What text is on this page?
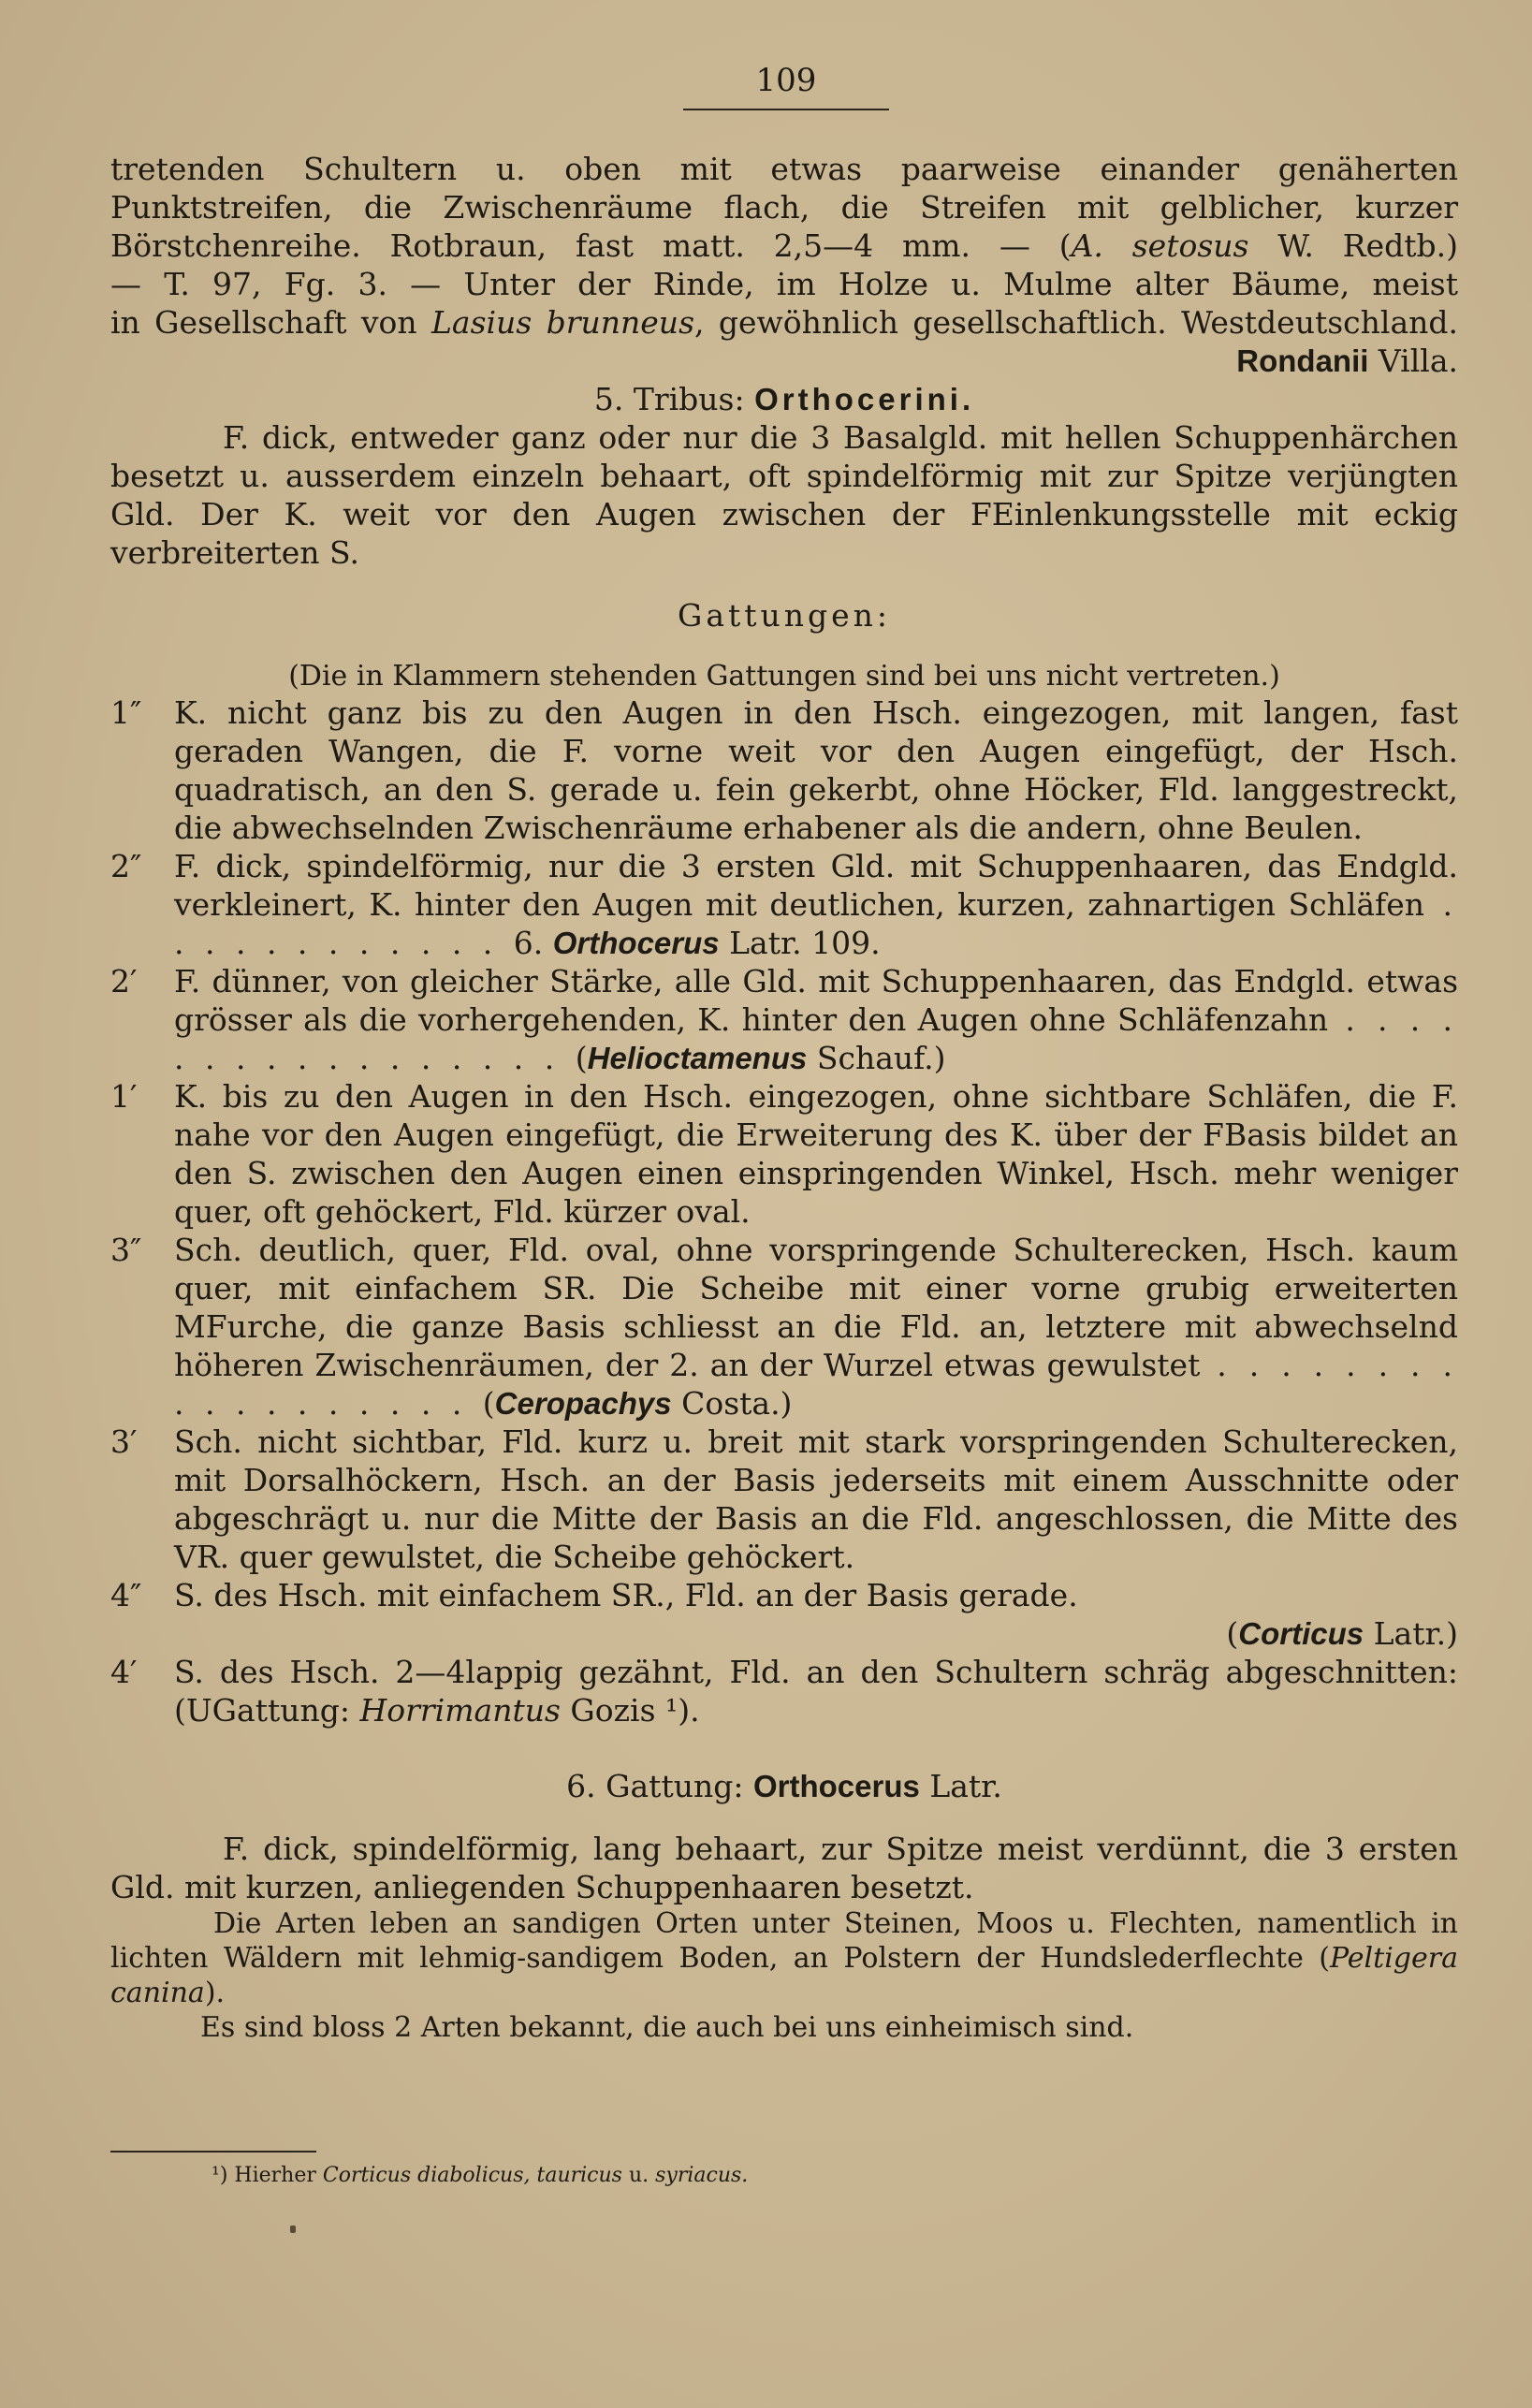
109

tretenden Schultern u. oben mit etwas paarweise einander genäherten

Punktstreifen, die Zwischenräume flach, die Streifen mit gelblicher, kurzer

Börstchenreihe. Rotbraun, fast matt. 2,5—4 mm. — (A. setosus W. Redtb.)

— T. 97, Fg. 3. — Unter der Rinde, im Holze u. Mulme alter Bäume, meist

in Gesellschaft von Lasius brunneus, gewöhnlich gesellschaftlich. Westdeutschland.

Rondanii Villa.

5. Tribus: Orthocerini.

F. dick, entweder ganz oder nur die 3 Basalgld. mit hellen Schuppenhärchen besetzt u. ausserdem einzeln behaart, oft spindelförmig mit zur Spitze verjüngten Gld. Der K. weit vor den Augen zwischen der FEinlenkungsstelle mit eckig verbreiterten S.

Gattungen:

(Die in Klammern stehenden Gattungen sind bei uns nicht vertreten.)

1″	K. nicht ganz bis zu den Augen in den Hsch. eingezogen, mit langen, fast geraden Wangen, die F. vorne weit vor den Augen eingefügt, der Hsch. quadratisch, an den S. gerade u. fein gekerbt, ohne Höcker, Fld. langgestreckt, die abwechselnden Zwischenräume erhabener als die andern, ohne Beulen.
2″	F. dick, spindelförmig, nur die 3 ersten Gld. mit Schuppenhaaren, das Endgld. verkleinert, K. hinter den Augen mit deutlichen, kurzen, zahnartigen Schläfen . . . . . . . . . . . . 6. Orthocerus Latr. 109.
2′	F. dünner, von gleicher Stärke, alle Gld. mit Schuppenhaaren, das Endgld. etwas grösser als die vorhergehenden, K. hinter den Augen ohne Schläfenzahn . . . . . . . . . . . . . . . . . (Helioctamenus Schauf.)
1′	K. bis zu den Augen in den Hsch. eingezogen, ohne sichtbare Schläfen, die F. nahe vor den Augen eingefügt, die Erweiterung des K. über der FBasis bildet an den S. zwischen den Augen einen einspringenden Winkel, Hsch. mehr weniger quer, oft gehöckert, Fld. kürzer oval.
3″	Sch. deutlich, quer, Fld. oval, ohne vorspringende Schulterecken, Hsch. kaum quer, mit einfachem SR. Die Scheibe mit einer vorne grubig erweiterten MFurche, die ganze Basis schliesst an die Fld. an, letztere mit abwechselnd höheren Zwischenräumen, der 2. an der Wurzel etwas gewulstet . . . . . . . . . . . . . . . . . . (Ceropachys Costa.)
3′	Sch. nicht sichtbar, Fld. kurz u. breit mit stark vorspringenden Schulterecken, mit Dorsalhöckern, Hsch. an der Basis jederseits mit einem Ausschnitte oder abgeschrägt u. nur die Mitte der Basis an die Fld. angeschlossen, die Mitte des VR. quer gewulstet, die Scheibe gehöckert.
4″	S. des Hsch. mit einfachem SR., Fld. an der Basis gerade.

(Corticus Latr.)
4′	S. des Hsch. 2—4lappig gezähnt, Fld. an den Schultern schräg abgeschnitten: (UGattung: Horrimantus Gozis ¹).

6. Gattung: Orthocerus Latr.

F. dick, spindelförmig, lang behaart, zur Spitze meist verdünnt, die 3 ersten Gld. mit kurzen, anliegenden Schuppenhaaren besetzt.

Die Arten leben an sandigen Orten unter Steinen, Moos u. Flechten, namentlich in lichten Wäldern mit lehmig-sandigem Boden, an Polstern der Hundslederflechte (Peltigera canina).

Es sind bloss 2 Arten bekannt, die auch bei uns einheimisch sind.

¹) Hierher Corticus diabolicus, tauricus u. syriacus.
